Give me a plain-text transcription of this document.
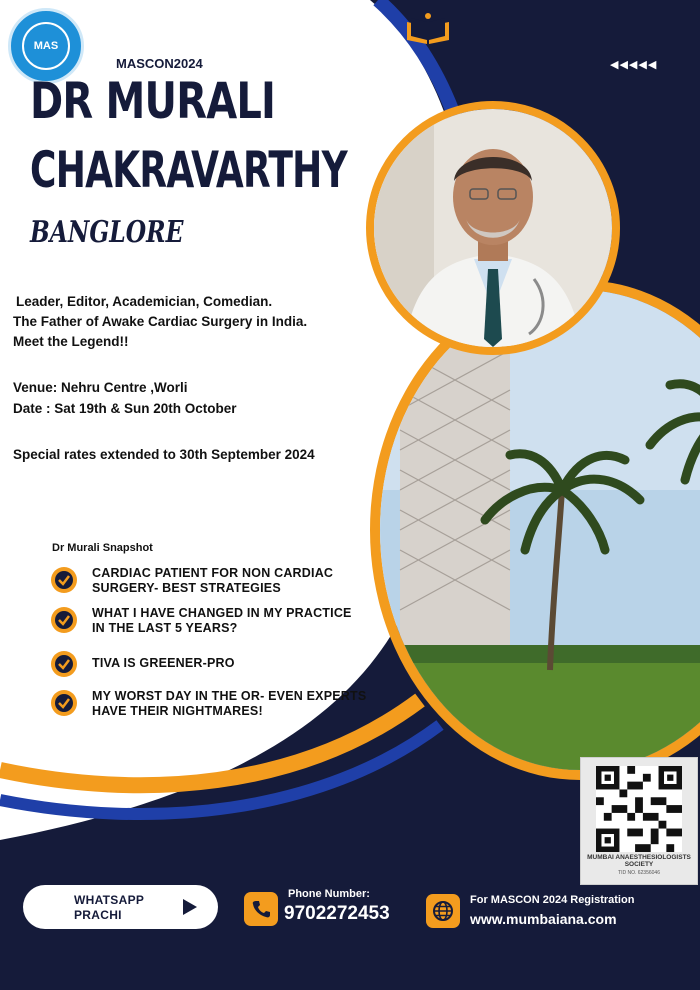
MAS
◀◀◀◀◀
MASCON2024
DR MURALI
CHAKRAVARTHY
BANGLORE
Leader, Editor, Academician, Comedian.
The Father of Awake Cardiac Surgery in India.
Meet the Legend!!
Venue: Nehru Centre ,Worli
Date : Sat 19th & Sun 20th October
Special rates extended to 30th September 2024
Dr Murali Snapshot
CARDIAC PATIENT FOR NON CARDIAC
SURGERY- BEST STRATEGIES
WHAT I HAVE CHANGED IN MY PRACTICE
IN THE LAST 5 YEARS?
TIVA IS GREENER-PRO
MY WORST DAY IN THE OR- EVEN EXPERTS
HAVE THEIR NIGHTMARES!
MUMBAI ANAESTHESIOLOGISTS SOCIETY
TID NO. 62356046
WHATSAPP
PRACHI
Phone Number:
9702272453
For MASCON 2024 Registration
www.mumbaiana.com
